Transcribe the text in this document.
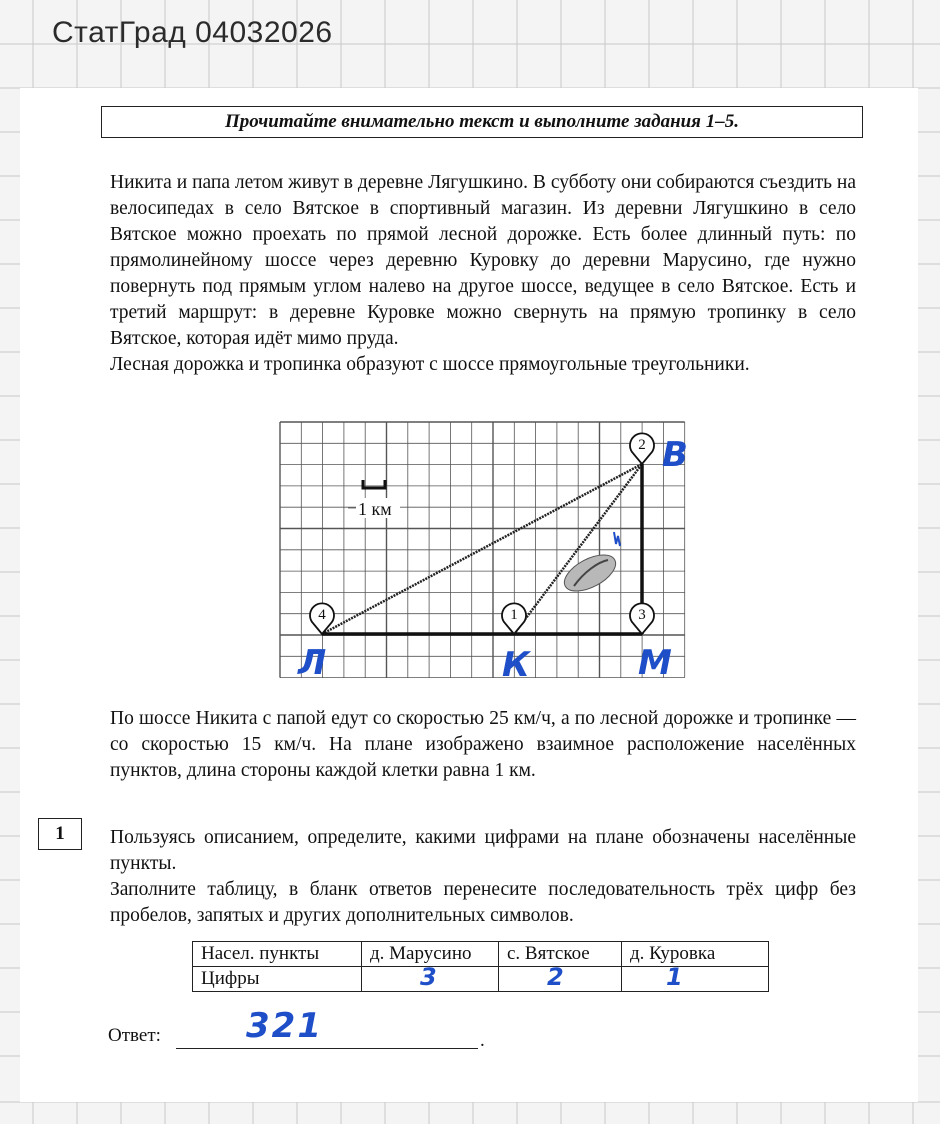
СтатГрад 04032026
Прочитайте внимательно текст и выполните задания 1–5.

Никита и папа летом живут в деревне Лягушкино. В субботу они собираются съездить на велосипедах в село Вятское в спортивный магазин. Из деревни Лягушкино в село Вятское можно проехать по прямой лесной дорожке. Есть более длинный путь: по прямолинейному шоссе через деревню Куровку до деревни Марусино, где нужно повернуть под прямым углом налево на другое шоссе, ведущее в село Вятское. Есть и третий маршрут: в деревне Куровке можно свернуть на прямую тропинку в село Вятское, которая идёт мимо пруда.

Лесная дорожка и тропинка образуют с шоссе прямоугольные треугольники.

1 км
4	1	3
2
Л	К	М
В

По шоссе Никита с папой едут со скоростью 25 км/ч, а по лесной дорожке и тропинке — со скоростью 15 км/ч. На плане изображено взаимное расположение населённых пунктов, длина стороны каждой клетки равна 1 км.

1	Пользуясь описанием, определите, какими цифрами на плане обозначены населённые пункты.

Заполните таблицу, в бланк ответов перенесите последовательность трёх цифр без пробелов, запятых и других дополнительных символов.

Насел. пункты	д. Марусино	с. Вятское	д. Куровка
Цифры	3	2	1
Ответ:	.
321
